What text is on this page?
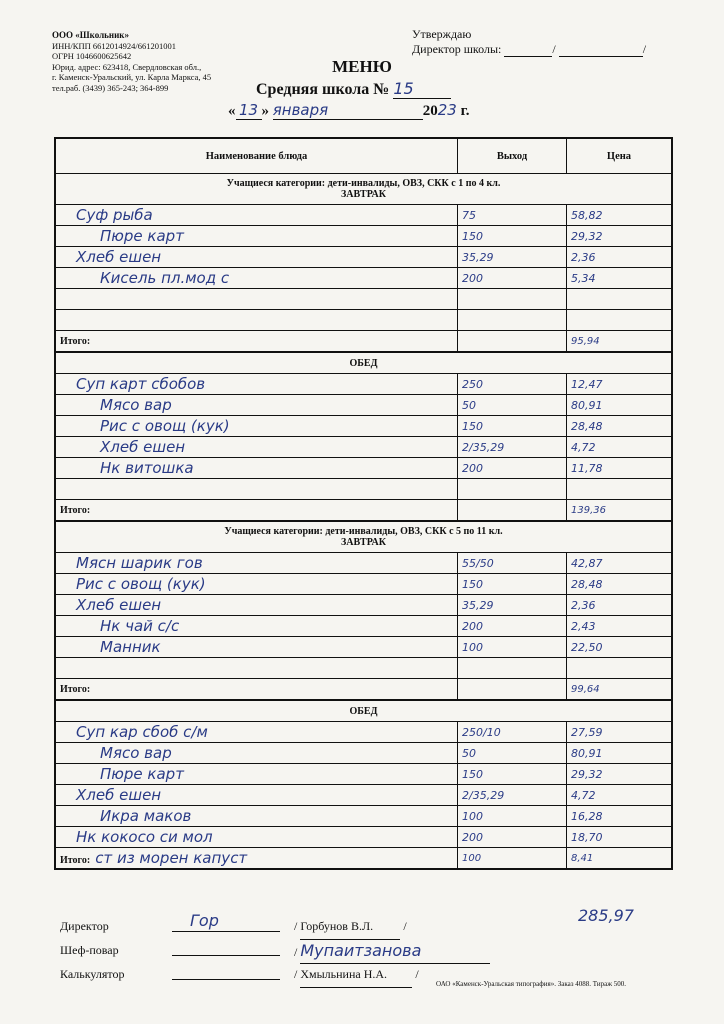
ООО «Школьник»
ИНН/КПП 6612014924/661201001
ОГРН 1046600625642
Юрид. адрес: 623418, Свердловская обл.,
г. Каменск-Уральский, ул. Карла Маркса, 45
тел.раб. (3439) 365-243; 364-899
Утверждаю
Директор школы:	/	/
МЕНЮ
Средняя школа № 15
« 13 » января	2023 г.
Наименование блюда	Выход	Цена
Учащиеся категории: дети-инвалиды, ОВЗ, СКК с 1 по 4 кл.
ЗАВТРАК		
Суф рыба	75	58,82
Пюре карт	150	29,32
Хлеб ешен	35,29	2,36
Кисель пл.мод с	200	5,34

Итого:		95,94
ОБЕД		
Суп карт сбобов	250	12,47
Мясо вар	50	80,91
Рис с овощ (кук)	150	28,48
Хлеб ешен	2/35,29	4,72
Нк витошка	200	11,78

Итого:		139,36
Учащиеся категории: дети-инвалиды, ОВЗ, СКК с 5 по 11 кл.
ЗАВТРАК		
Мясн шарик гов	55/50	42,87
Рис с овощ (кук)	150	28,48
Хлеб ешен	35,29	2,36
Нк чай с/с	200	2,43
Манник	100	22,50

Итого:		99,64
ОБЕД		
Суп кар сбоб с/м	250/10	27,59
Мясо вар	50	80,91
Пюре карт	150	29,32
Хлеб ешен	2/35,29	4,72
Икра маков	100	16,28
Нк кокосо си мол	200	18,70
Итого: ст из морен капуст	100	8,41
285,97
Директор	Гор	/ Горбунов В.Л. /
Шеф-повар	/ Мупаитзанова
Калькулятор	/ Хмыльнина Н.А. /
ОАО «Каменск-Уральская типография». Заказ 4088. Тираж 500.
